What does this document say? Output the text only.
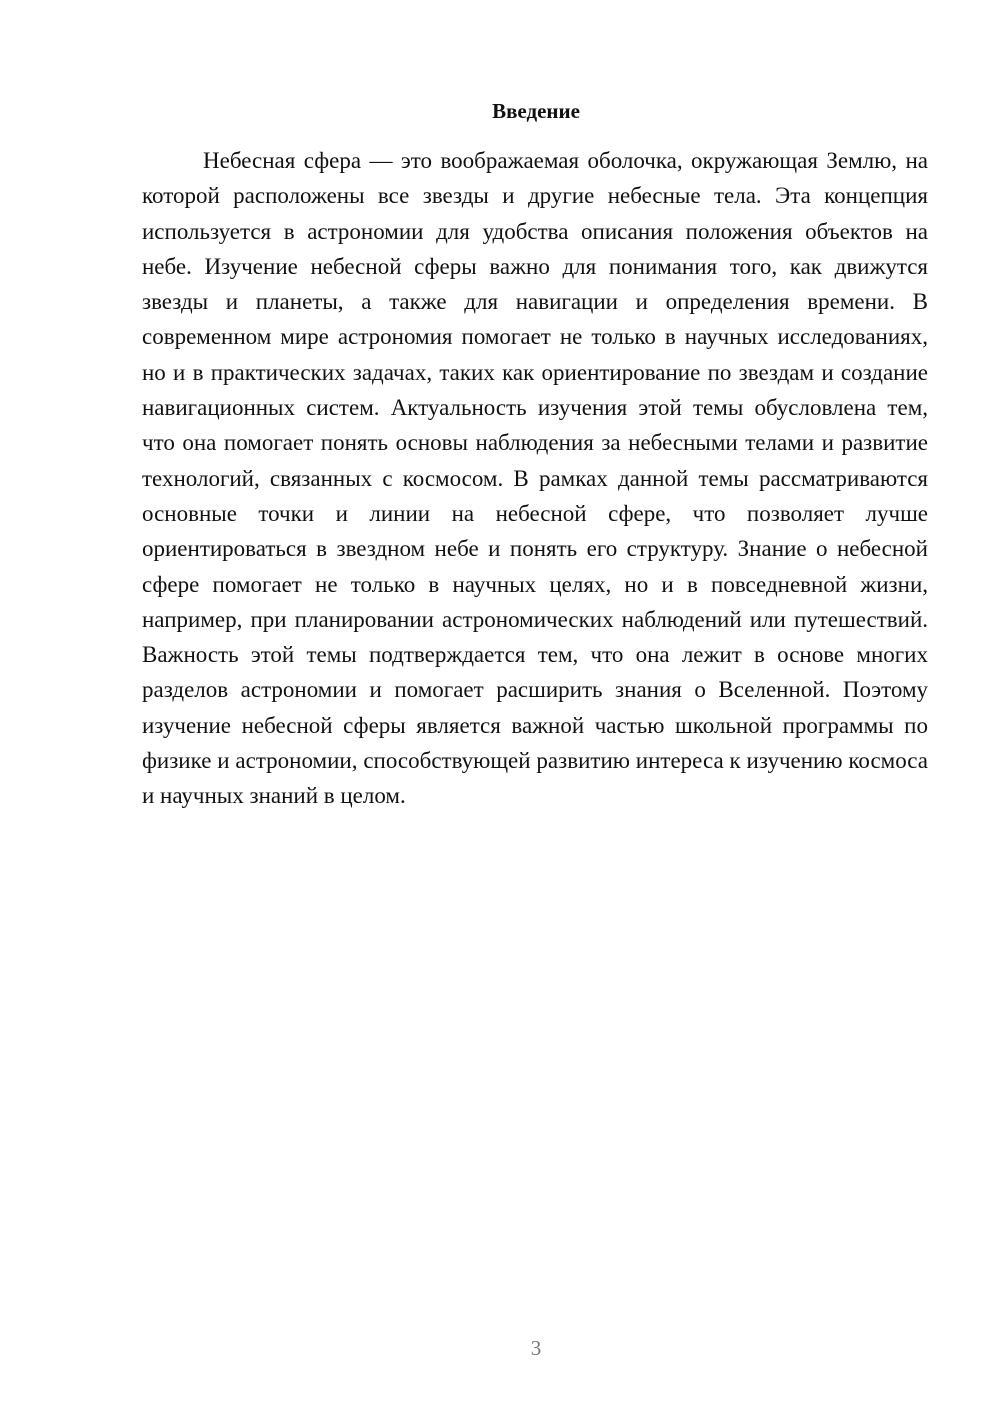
Введение

Небесная сфера — это воображаемая оболочка, окружающая Землю, на которой расположены все звезды и другие небесные тела. Эта концепция используется в астрономии для удобства описания положения объектов на небе. Изучение небесной сферы важно для понимания того, как движутся звезды и планеты, а также для навигации и определения времени. В современном мире астрономия помогает не только в научных исследованиях, но и в практических задачах, таких как ориентирование по звездам и создание навигационных систем. Актуальность изучения этой темы обусловлена тем, что она помогает понять основы наблюдения за небесными телами и развитие технологий, связанных с космосом. В рамках данной темы рассматриваются основные точки и линии на небесной сфере, что позволяет лучше ориентироваться в звездном небе и понять его структуру. Знание о небесной сфере помогает не только в научных целях, но и в повседневной жизни, например, при планировании астрономических наблюдений или путешествий. Важность этой темы подтверждается тем, что она лежит в основе многих разделов астрономии и помогает расширить знания о Вселенной. Поэтому изучение небесной сферы является важной частью школьной программы по физике и астрономии, способствующей развитию интереса к изучению космоса и научных знаний в целом.

3
